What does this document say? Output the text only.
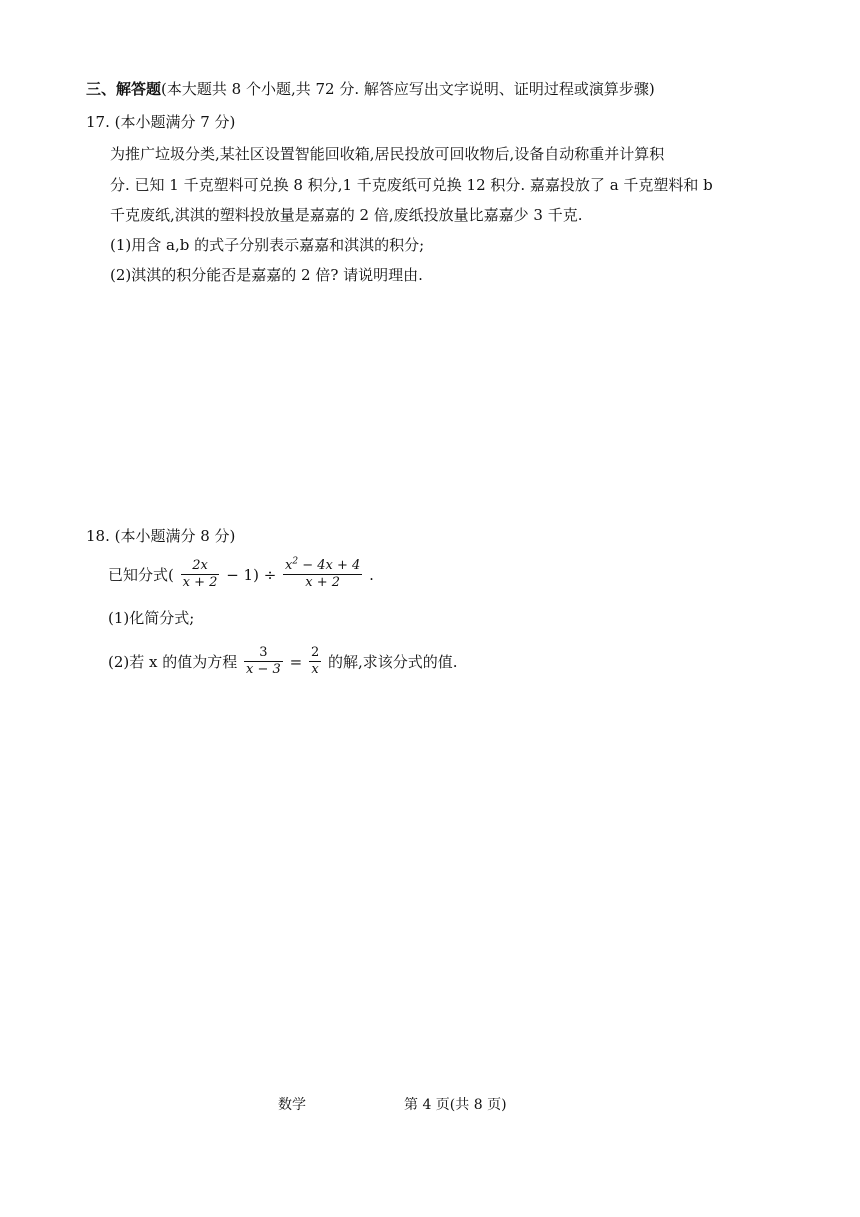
三、解答题(本大题共 8 个小题,共 72 分. 解答应写出文字说明、证明过程或演算步骤)
17. (本小题满分 7 分)
为推广垃圾分类,某社区设置智能回收箱,居民投放可回收物后,设备自动称重并计算积
分. 已知 1 千克塑料可兑换 8 积分,1 千克废纸可兑换 12 积分. 嘉嘉投放了 a 千克塑料和 b
千克废纸,淇淇的塑料投放量是嘉嘉的 2 倍,废纸投放量比嘉嘉少 3 千克.
(1)用含 a,b 的式子分别表示嘉嘉和淇淇的积分;
(2)淇淇的积分能否是嘉嘉的 2 倍? 请说明理由.
18. (本小题满分 8 分)
已知分式( $\frac{2x}{x + 2} - 1) \div \frac{x^2 - 4x + 4}{x + 2}$ .
(1)化简分式;
(2)若 x 的值为方程 $\frac{3}{x - 3} = \frac{2}{x}$ 的解,求该分式的值.
数学	第 4 页(共 8 页)
